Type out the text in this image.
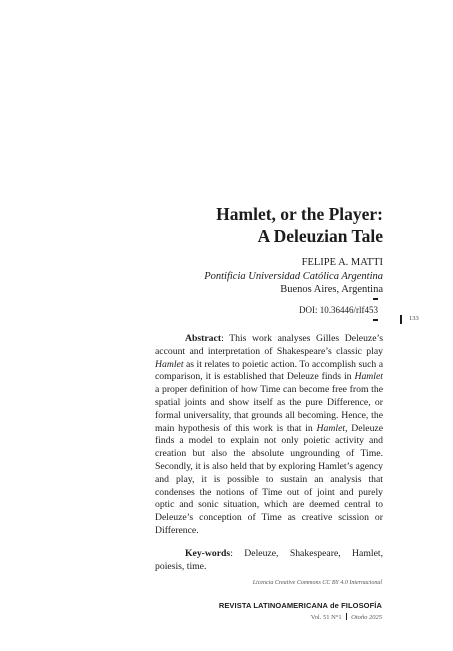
Hamlet, or the Player:
A Deleuzian Tale
FELIPE A. MATTI
Pontificia Universidad Católica Argentina
Buenos Aires, Argentina
DOI: 10.36446/rlf453
133
Abstract: This work analyses Gilles Deleuze’s account and interpretation of Shakespeare’s classic play Hamlet as it relates to poietic action. To accomplish such a comparison, it is established that Deleuze finds in Hamlet a proper definition of how Time can become free from the spatial joints and show itself as the pure Difference, or formal universality, that grounds all becoming. Hence, the main hypothesis of this work is that in Hamlet, Deleuze finds a model to explain not only poietic activity and creation but also the absolute ungrounding of Time. Secondly, it is also held that by exploring Hamlet’s agency and play, it is possible to sustain an analysis that condenses the notions of Time out of joint and purely optic and sonic situation, which are deemed central to Deleuze’s conception of Time as creative scission or Difference.
Key-words: Deleuze, Shakespeare, Hamlet, poiesis, time.
Licencia Creative Commons CC BY 4.0 Internacional
REVISTA LATINOAMERICANA de FILOSOFÍA
Vol. 51 N°1 Otoño 2025
